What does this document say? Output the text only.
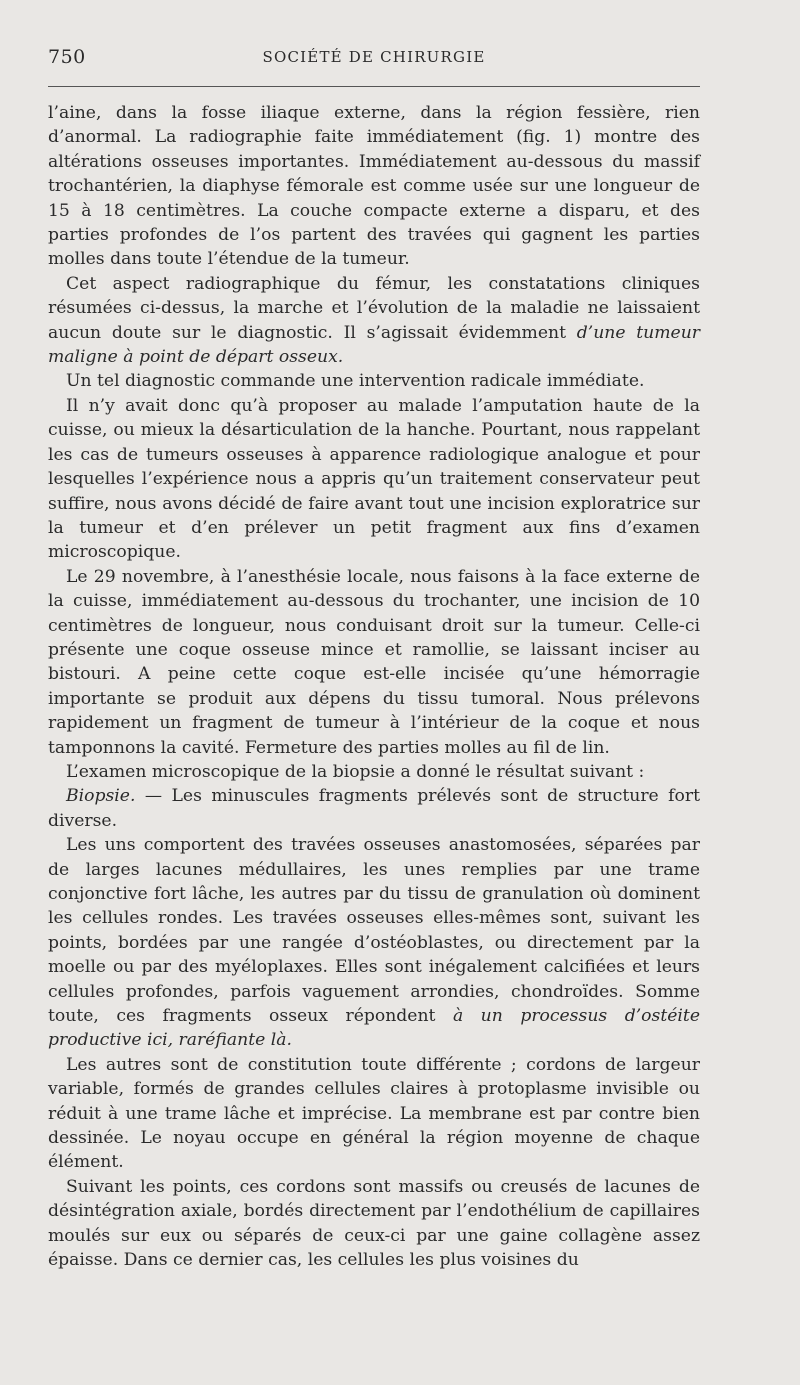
750	SOCIÉTÉ DE CHIRURGIE

l’aine, dans la fosse iliaque externe, dans la région fessière, rien d’anormal. La radiographie faite immédiatement (fig. 1) montre des altérations osseuses importantes. Immédiatement au-dessous du massif trochantérien, la diaphyse fémorale est comme usée sur une longueur de 15 à 18 centimètres. La couche compacte externe a disparu, et des parties profondes de l’os partent des travées qui gagnent les parties molles dans toute l’étendue de la tumeur.

Cet aspect radiographique du fémur, les constatations cliniques résumées ci-dessus, la marche et l’évolution de la maladie ne laissaient aucun doute sur le diagnostic. Il s’agissait évidemment d’une tumeur maligne à point de départ osseux.

Un tel diagnostic commande une intervention radicale immédiate.

Il n’y avait donc qu’à proposer au malade l’amputation haute de la cuisse, ou mieux la désarticulation de la hanche. Pourtant, nous rappelant les cas de tumeurs osseuses à apparence radiologique analogue et pour lesquelles l’expérience nous a appris qu’un traitement conservateur peut suffire, nous avons décidé de faire avant tout une incision exploratrice sur la tumeur et d’en prélever un petit fragment aux fins d’examen microscopique.

Le 29 novembre, à l’anesthésie locale, nous faisons à la face externe de la cuisse, immédiatement au-dessous du trochanter, une incision de 10 centimètres de longueur, nous conduisant droit sur la tumeur. Celle-ci présente une coque osseuse mince et ramollie, se laissant inciser au bistouri. A peine cette coque est-elle incisée qu’une hémorragie importante se produit aux dépens du tissu tumoral. Nous prélevons rapidement un fragment de tumeur à l’intérieur de la coque et nous tamponnons la cavité. Fermeture des parties molles au fil de lin.

L’examen microscopique de la biopsie a donné le résultat suivant :

Biopsie. — Les minuscules fragments prélevés sont de structure fort diverse.

Les uns comportent des travées osseuses anastomosées, séparées par de larges lacunes médullaires, les unes remplies par une trame conjonctive fort lâche, les autres par du tissu de granulation où dominent les cellules rondes. Les travées osseuses elles-mêmes sont, suivant les points, bordées par une rangée d’ostéoblastes, ou directement par la moelle ou par des myéloplaxes. Elles sont inégalement calcifiées et leurs cellules profondes, parfois vaguement arrondies, chondroïdes. Somme toute, ces fragments osseux répondent à un processus d’ostéite productive ici, raréfiante là.

Les autres sont de constitution toute différente ; cordons de largeur variable, formés de grandes cellules claires à protoplasme invisible ou réduit à une trame lâche et imprécise. La membrane est par contre bien dessinée. Le noyau occupe en général la région moyenne de chaque élément.

Suivant les points, ces cordons sont massifs ou creusés de lacunes de désintégration axiale, bordés directement par l’endothélium de capillaires moulés sur eux ou séparés de ceux-ci par une gaine collagène assez épaisse. Dans ce dernier cas, les cellules les plus voisines du
